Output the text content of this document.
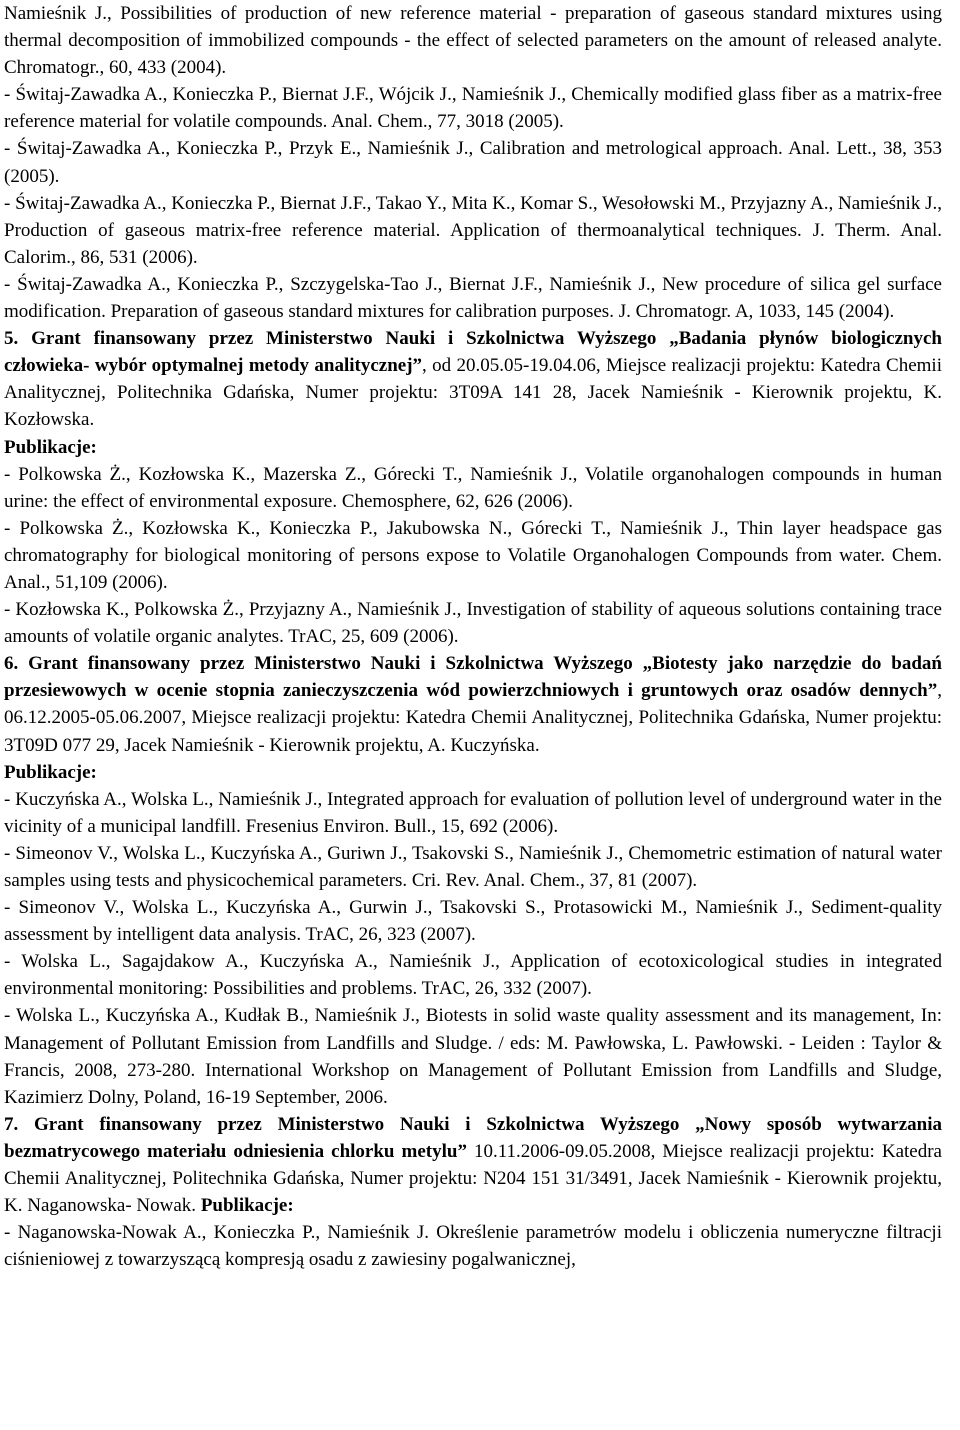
Namieśnik J., Possibilities of production of new reference material - preparation of gaseous standard mixtures using thermal decomposition of immobilized compounds - the effect of selected parameters on the amount of released analyte. Chromatogr., 60, 433 (2004).

- Świtaj-Zawadka A., Konieczka P., Biernat J.F., Wójcik J., Namieśnik J., Chemically modified glass fiber as a matrix-free reference material for volatile compounds. Anal. Chem., 77, 3018 (2005).

- Świtaj-Zawadka A., Konieczka P., Przyk E., Namieśnik J., Calibration and metrological approach. Anal. Lett., 38, 353 (2005).

- Świtaj-Zawadka A., Konieczka P., Biernat J.F., Takao Y., Mita K., Komar S., Wesołowski M., Przyjazny A., Namieśnik J., Production of gaseous matrix-free reference material. Application of thermoanalytical techniques. J. Therm. Anal. Calorim., 86, 531 (2006).

- Świtaj-Zawadka A., Konieczka P., Szczygelska-Tao J., Biernat J.F., Namieśnik J., New procedure of silica gel surface modification. Preparation of gaseous standard mixtures for calibration purposes. J. Chromatogr. A, 1033, 145 (2004).

5. Grant finansowany przez Ministerstwo Nauki i Szkolnictwa Wyższego „Badania płynów biologicznych człowieka- wybór optymalnej metody analitycznej”, od 20.05.05-19.04.06, Miejsce realizacji projektu: Katedra Chemii Analitycznej, Politechnika Gdańska, Numer projektu: 3T09A 141 28, Jacek Namieśnik - Kierownik projektu, K. Kozłowska.

Publikacje:

- Polkowska Ż., Kozłowska K., Mazerska Z., Górecki T., Namieśnik J., Volatile organohalogen compounds in human urine: the effect of environmental exposure. Chemosphere, 62, 626 (2006).

- Polkowska Ż., Kozłowska K., Konieczka P., Jakubowska N., Górecki T., Namieśnik J., Thin layer headspace gas chromatography for biological monitoring of persons expose to Volatile Organohalogen Compounds from water. Chem. Anal., 51,109 (2006).

- Kozłowska K., Polkowska Ż., Przyjazny A., Namieśnik J., Investigation of stability of aqueous solutions containing trace amounts of volatile organic analytes. TrAC, 25, 609 (2006).

6. Grant finansowany przez Ministerstwo Nauki i Szkolnictwa Wyższego „Biotesty jako narzędzie do badań przesiewowych w ocenie stopnia zanieczyszczenia wód powierzchniowych i gruntowych oraz osadów dennych”, 06.12.2005-05.06.2007, Miejsce realizacji projektu: Katedra Chemii Analitycznej, Politechnika Gdańska, Numer projektu: 3T09D 077 29, Jacek Namieśnik - Kierownik projektu, A. Kuczyńska.

Publikacje:

- Kuczyńska A., Wolska L., Namieśnik J., Integrated approach for evaluation of pollution level of underground water in the vicinity of a municipal landfill. Fresenius Environ. Bull., 15, 692 (2006).

- Simeonov V., Wolska L., Kuczyńska A., Guriwn J., Tsakovski S., Namieśnik J., Chemometric estimation of natural water samples using tests and physicochemical parameters. Cri. Rev. Anal. Chem., 37, 81 (2007).

- Simeonov V., Wolska L., Kuczyńska A., Gurwin J., Tsakovski S., Protasowicki M., Namieśnik J., Sediment-quality assessment by intelligent data analysis. TrAC, 26, 323 (2007).

- Wolska L., Sagajdakow A., Kuczyńska A., Namieśnik J., Application of ecotoxicological studies in integrated environmental monitoring: Possibilities and problems. TrAC, 26, 332 (2007).

- Wolska L., Kuczyńska A., Kudłak B., Namieśnik J., Biotests in solid waste quality assessment and its management, In: Management of Pollutant Emission from Landfills and Sludge. / eds: M. Pawłowska, L. Pawłowski. - Leiden : Taylor & Francis, 2008, 273-280. International Workshop on Management of Pollutant Emission from Landfills and Sludge, Kazimierz Dolny, Poland, 16-19 September, 2006.

7. Grant finansowany przez Ministerstwo Nauki i Szkolnictwa Wyższego „Nowy sposób wytwarzania bezmatrycowego materiału odniesienia chlorku metylu” 10.11.2006-09.05.2008, Miejsce realizacji projektu: Katedra Chemii Analitycznej, Politechnika Gdańska, Numer projektu: N204 151 31/3491, Jacek Namieśnik - Kierownik projektu, K. Naganowska- Nowak. Publikacje:

- Naganowska-Nowak A., Konieczka P., Namieśnik J. Określenie parametrów modelu i obliczenia numeryczne filtracji ciśnieniowej z towarzyszącą kompresją osadu z zawiesiny pogalwanicznej,
